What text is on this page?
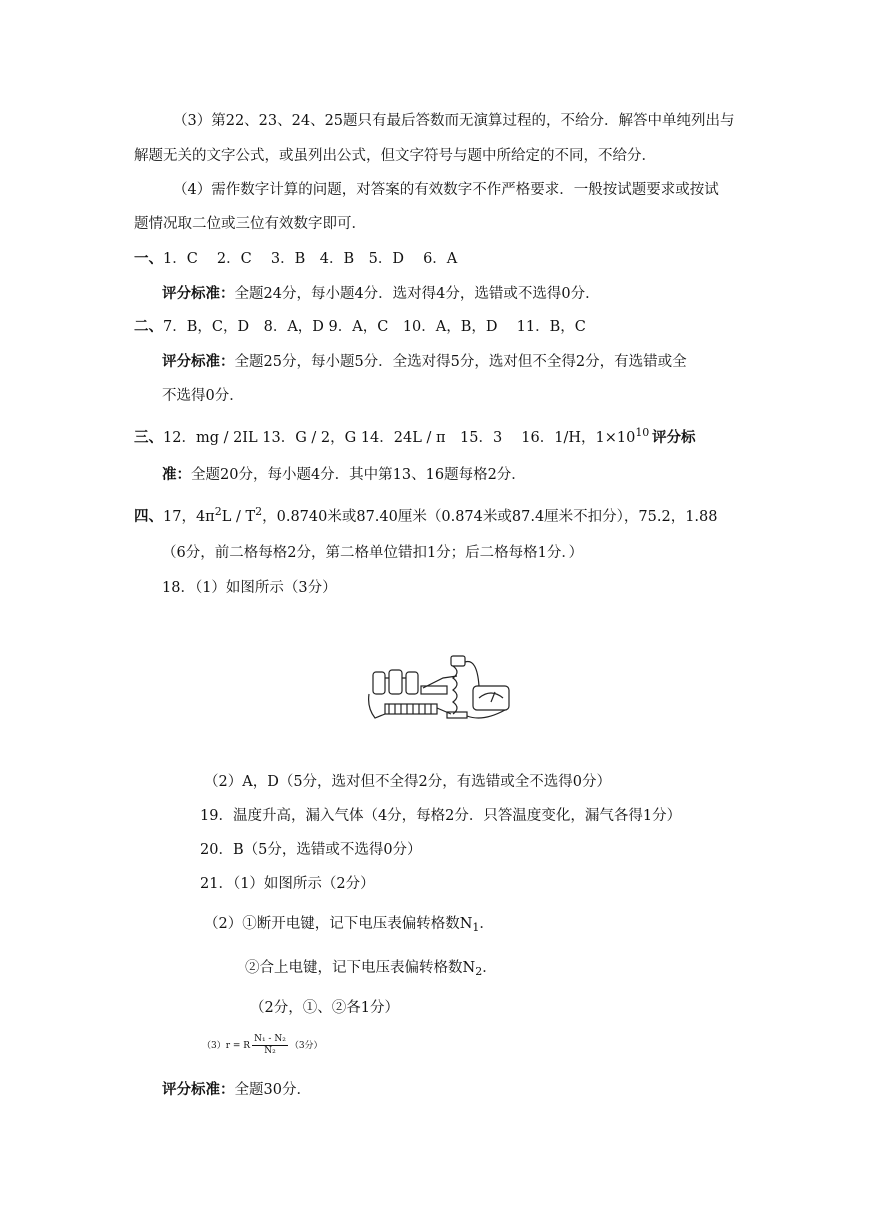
（3）第22、23、24、25题只有最后答数而无演算过程的，不给分．解答中单纯列出与
解题无关的文字公式，或虽列出公式，但文字符号与题中所给定的不同，不给分．
（4）需作数字计算的问题，对答案的有效数字不作严格要求．一般按试题要求或按试
题情况取二位或三位有效数字即可．
一、1．C　 2．C　 3．B　4．B　5．D　 6．A
评分标准：全题24分，每小题4分．选对得4分，选错或不选得0分．
二、7．B，C，D　8．A，D 9．A，C　10．A，B，D　 11．B，C
评分标准：全题25分，每小题5分．全选对得5分，选对但不全得2分，有选错或全
不选得0分．
三、12．mg / 2IL 13．G / 2，G 14．24L / π　15．3　 16．1/H，$1\times 10^{10}$ 评分标
准：全题20分，每小题4分．其中第13、16题每格2分．
四、17，$4\pi^2L / T^2$，0.8740米或87.40厘米（0.874米或87.4厘米不扣分），75.2，1.88
（6分，前二格每格2分，第二格单位错扣1分；后二格每格1分．）
18．（1）如图所示（3分）
（2）A，D（5分，选对但不全得2分，有选错或全不选得0分）
19．温度升高，漏入气体（4分，每格2分．只答温度变化，漏气各得1分）
20．B（5分，选错或不选得0分）
21．（1）如图所示（2分）
（2）①断开电键，记下电压表偏转格数$N_1$．
②合上电键，记下电压表偏转格数$N_2$．
（2分，①、②各1分）
（3）r = R $\frac{\text{N₁ - N₂}}{\text{N₂}} (3$分）
评分标准：全题30分．
